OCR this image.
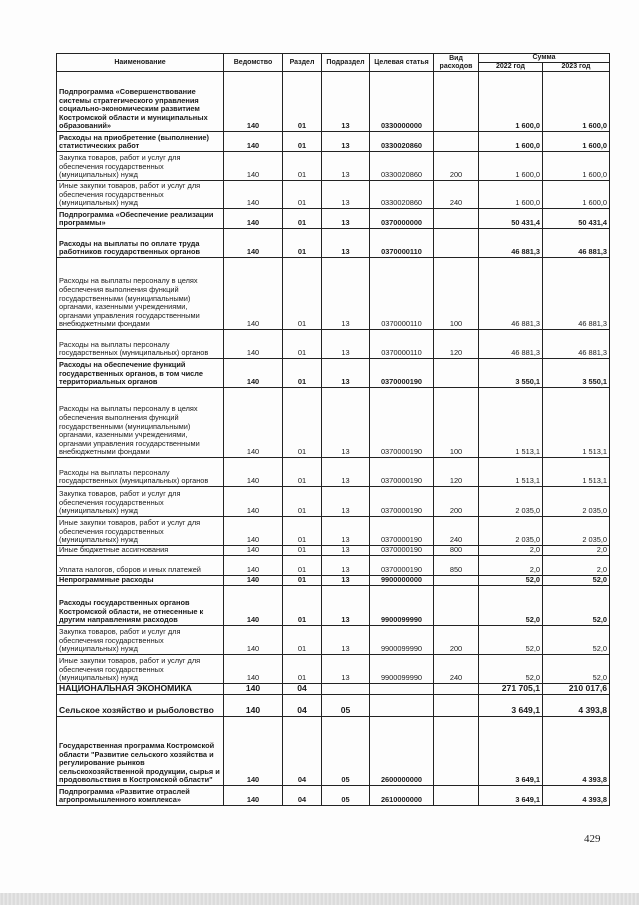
Наименование	Ведомство	Раздел	Подраздел	Целевая статья	Вид расходов	Сумма	
						2022 год	2023 год
Подпрограмма «Совершенствование системы стратегического управления социально-экономическим развитием Костромской области и муниципальных образований»	140	01	13	0330000000		1 600,0	1 600,0
Расходы на приобретение (выполнение) статистических работ	140	01	13	0330020860		1 600,0	1 600,0
Закупка товаров, работ и услуг для обеспечения государственных (муниципальных) нужд	140	01	13	0330020860	200	1 600,0	1 600,0
Иные закупки товаров, работ и услуг для обеспечения государственных (муниципальных) нужд	140	01	13	0330020860	240	1 600,0	1 600,0
Подпрограмма «Обеспечение реализации программы»	140	01	13	0370000000		50 431,4	50 431,4
Расходы на выплаты по оплате труда работников государственных органов	140	01	13	0370000110		46 881,3	46 881,3
Расходы на выплаты персоналу в целях обеспечения выполнения функций государственными (муниципальными) органами, казенными учреждениями, органами управления государственными внебюджетными фондами	140	01	13	0370000110	100	46 881,3	46 881,3
Расходы на выплаты персоналу государственных (муниципальных) органов	140	01	13	0370000110	120	46 881,3	46 881,3
Расходы на обеспечение функций государственных органов, в том числе территориальных органов	140	01	13	0370000190		3 550,1	3 550,1
Расходы на выплаты персоналу в целях обеспечения выполнения функций государственными (муниципальными) органами, казенными учреждениями, органами управления государственными внебюджетными фондами	140	01	13	0370000190	100	1 513,1	1 513,1
Расходы на выплаты персоналу государственных (муниципальных) органов	140	01	13	0370000190	120	1 513,1	1 513,1
Закупка товаров, работ и услуг для обеспечения государственных (муниципальных) нужд	140	01	13	0370000190	200	2 035,0	2 035,0
Иные закупки товаров, работ и услуг для обеспечения государственных (муниципальных) нужд	140	01	13	0370000190	240	2 035,0	2 035,0
Иные бюджетные ассигнования	140	01	13	0370000190	800	2,0	2,0
Уплата налогов, сборов и иных платежей	140	01	13	0370000190	850	2,0	2,0
Непрограммные расходы	140	01	13	9900000000		52,0	52,0
Расходы государственных органов Костромской области, не отнесенные к другим направлениям расходов	140	01	13	9900099990		52,0	52,0
Закупка товаров, работ и услуг для обеспечения государственных (муниципальных) нужд	140	01	13	9900099990	200	52,0	52,0
Иные закупки товаров, работ и услуг для обеспечения государственных (муниципальных) нужд	140	01	13	9900099990	240	52,0	52,0
НАЦИОНАЛЬНАЯ ЭКОНОМИКА	140	04				271 705,1	210 017,6
Сельское хозяйство и рыболовство	140	04	05			3 649,1	4 393,8
Государственная программа Костромской области "Развитие сельского хозяйства и регулирование рынков сельскохозяйственной продукции, сырья и продовольствия в Костромской области"	140	04	05	2600000000		3 649,1	4 393,8
Подпрограмма «Развитие отраслей агропромышленного комплекса»	140	04	05	2610000000		3 649,1	4 393,8
429
